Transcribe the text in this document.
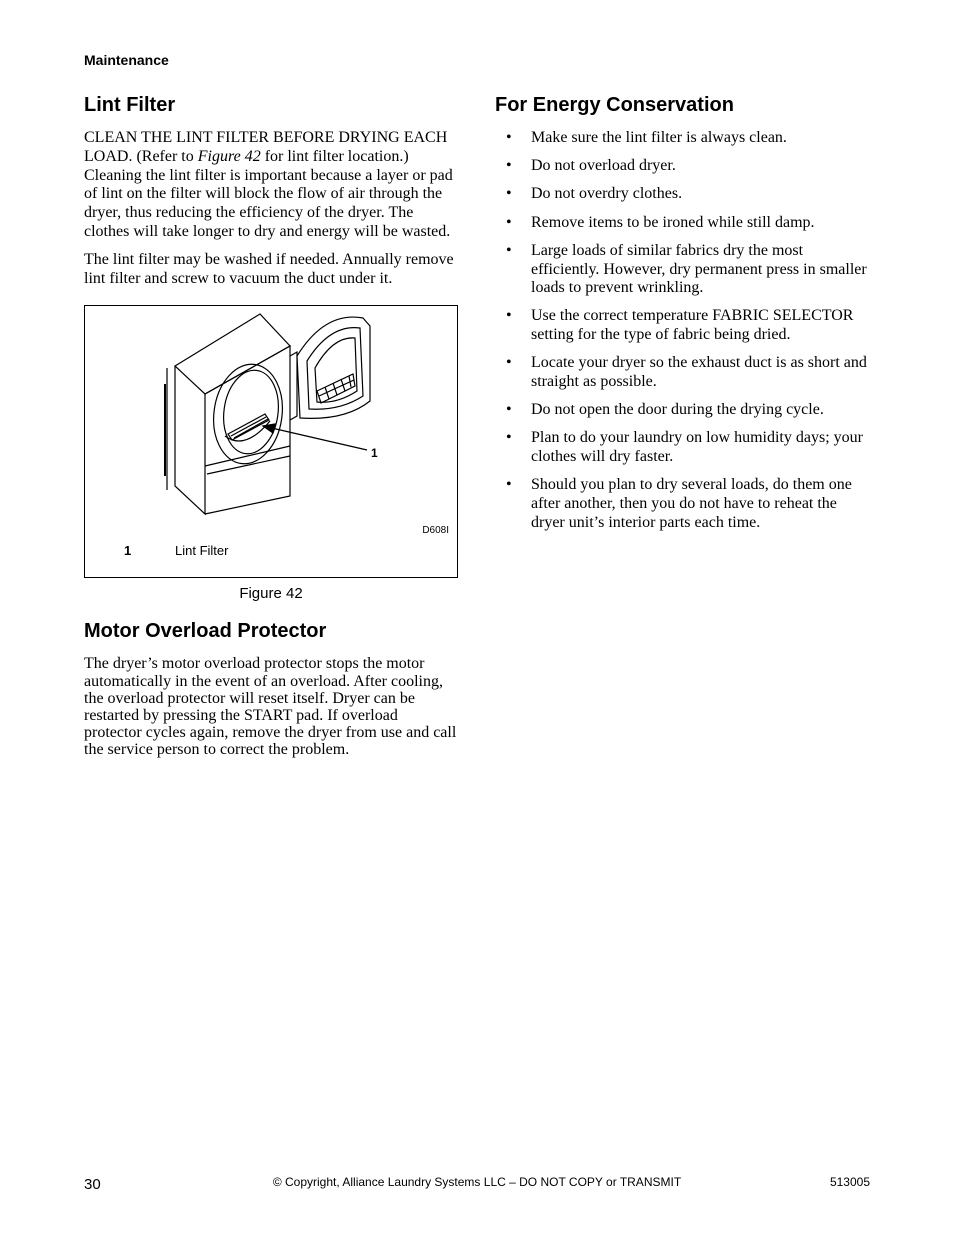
Maintenance
Lint Filter

CLEAN THE LINT FILTER BEFORE DRYING EACH LOAD. (Refer to Figure 42 for lint filter location.) Cleaning the lint filter is important because a layer or pad of lint on the filter will block the flow of air through the dryer, thus reducing the efficiency of the dryer. The clothes will take longer to dry and energy will be wasted.

The lint filter may be washed if needed. Annually remove lint filter and screw to vacuum the duct under it.

1
D608I
1	Lint Filter
Figure 42
Motor Overload Protector

The dryer’s motor overload protector stops the motor automatically in the event of an overload. After cooling, the overload protector will reset itself. Dryer can be restarted by pressing the START pad. If overload protector cycles again, remove the dryer from use and call the service person to correct the problem.

For Energy Conservation
• Make sure the lint filter is always clean.
• Do not overload dryer.
• Do not overdry clothes.
• Remove items to be ironed while still damp.
• Large loads of similar fabrics dry the most efficiently. However, dry permanent press in smaller loads to prevent wrinkling.
• Use the correct temperature FABRIC SELECTOR setting for the type of fabric being dried.
• Locate your dryer so the exhaust duct is as short and straight as possible.
• Do not open the door during the drying cycle.
• Plan to do your laundry on low humidity days; your clothes will dry faster.
• Should you plan to dry several loads, do them one after another, then you do not have to reheat the dryer unit’s interior parts each time.
30	© Copyright, Alliance Laundry Systems LLC – DO NOT COPY or TRANSMIT	513005
